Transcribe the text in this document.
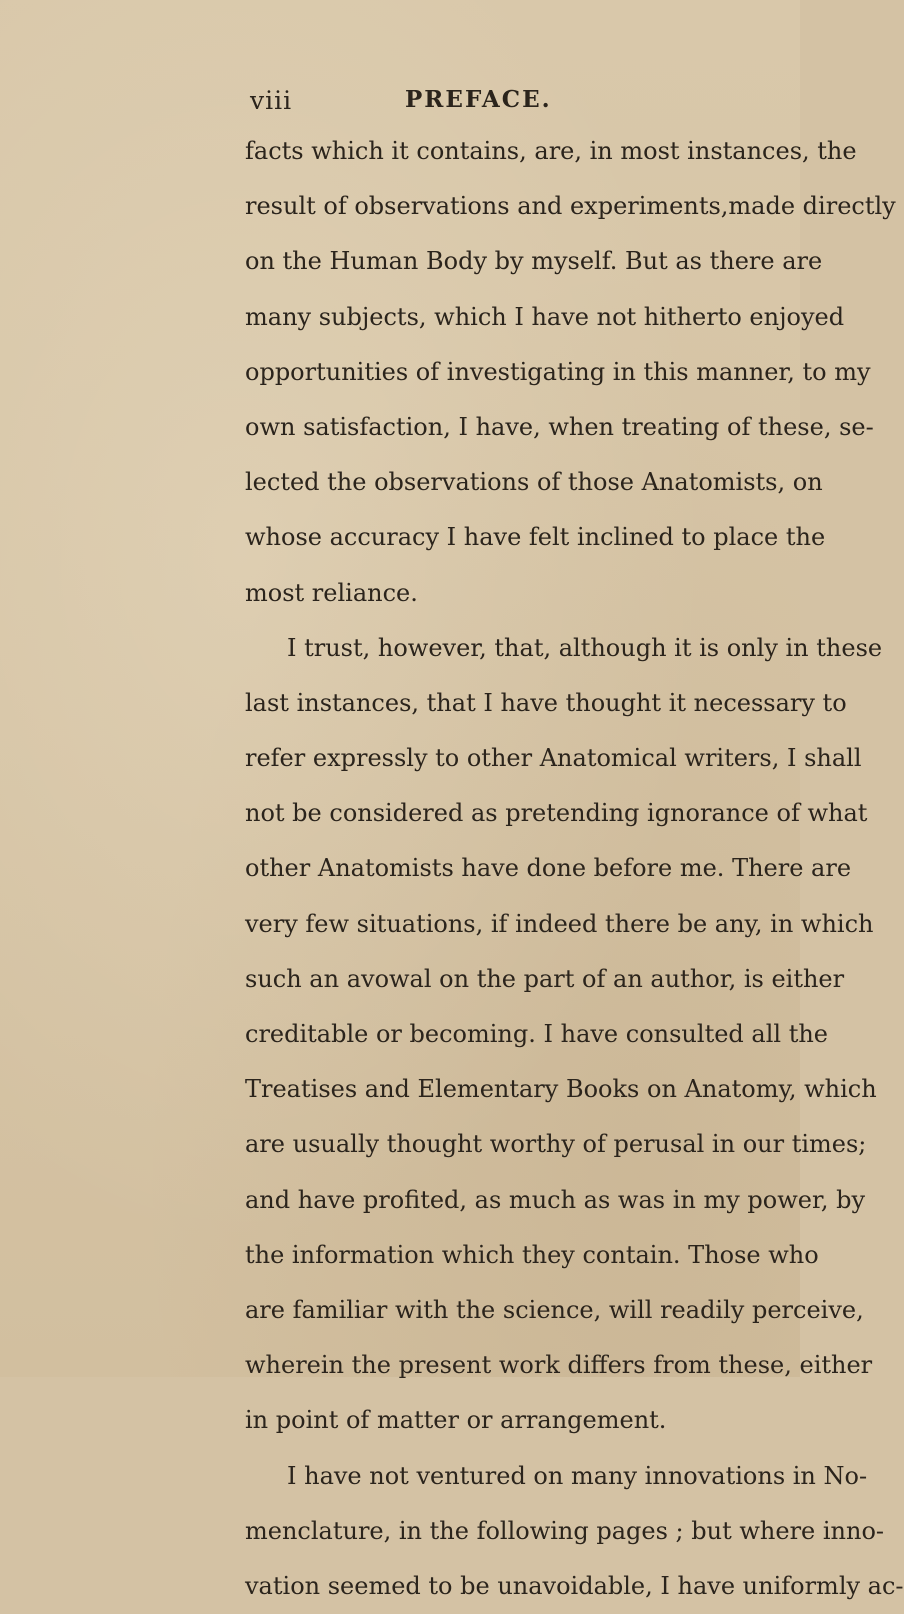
viii	PREFACE.
facts which it contains, are, in most instances, the
result of observations and experiments,made directly
on the Human Body by myself. But as there are
many subjects, which I have not hitherto enjoyed
opportunities of investigating in this manner, to my
own satisfaction, I have, when treating of these, se-
lected the observations of those Anatomists, on
whose accuracy I have felt inclined to place the
most reliance.
I trust, however, that, although it is only in these
last instances, that I have thought it necessary to
refer expressly to other Anatomical writers, I shall
not be considered as pretending ignorance of what
other Anatomists have done before me. There are
very few situations, if indeed there be any, in which
such an avowal on the part of an author, is either
creditable or becoming. I have consulted all the
Treatises and Elementary Books on Anatomy, which
are usually thought worthy of perusal in our times;
and have profited, as much as was in my power, by
the information which they contain. Those who
are familiar with the science, will readily perceive,
wherein the present work differs from these, either
in point of matter or arrangement.
I have not ventured on many innovations in No-
menclature, in the following pages ; but where inno-
vation seemed to be unavoidable, I have uniformly ac-
